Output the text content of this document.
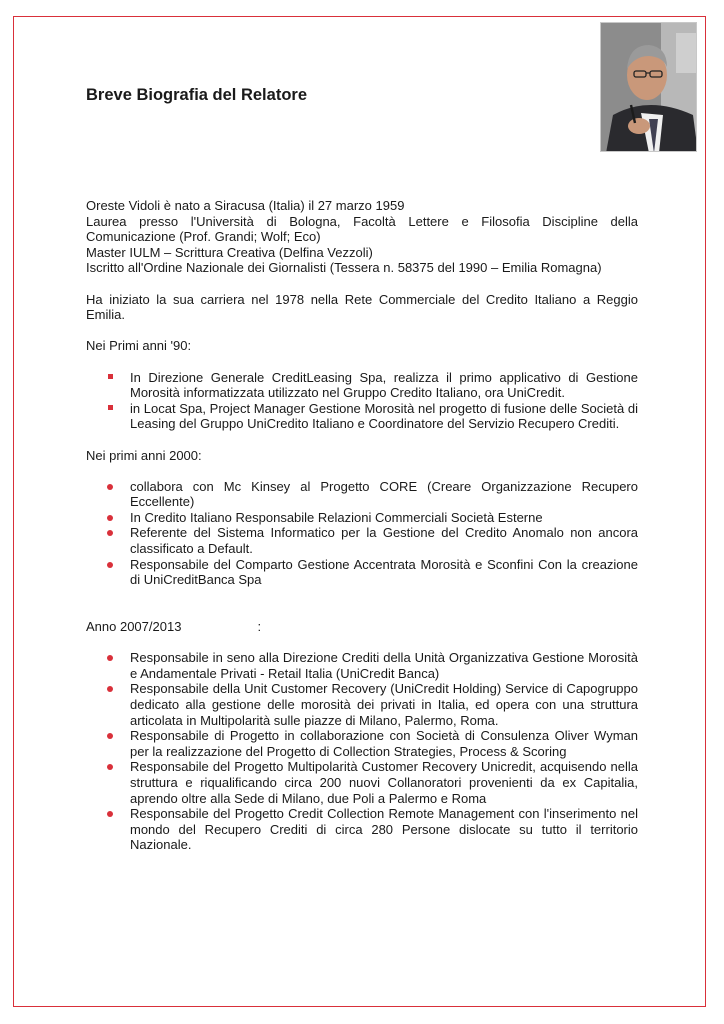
Breve Biografia del Relatore

Oreste Vidoli è nato a Siracusa (Italia) il 27 marzo 1959

Laurea presso l'Università di Bologna, Facoltà Lettere e Filosofia Discipline della Comunicazione (Prof. Grandi; Wolf; Eco)

Master IULM – Scrittura Creativa (Delfina Vezzoli)

Iscritto all'Ordine Nazionale dei Giornalisti (Tessera n. 58375 del 1990 – Emilia Romagna)

Ha iniziato la sua carriera nel 1978 nella Rete Commerciale del Credito Italiano a Reggio Emilia.

Nei Primi anni '90:

In Direzione Generale CreditLeasing Spa, realizza il primo applicativo di Gestione Morosità informatizzata utilizzato nel Gruppo Credito Italiano, ora UniCredit.
in Locat Spa, Project Manager Gestione Morosità nel progetto di fusione delle Società di Leasing del Gruppo UniCredito Italiano e Coordinatore del Servizio Recupero Crediti.

Nei primi anni 2000:

collabora con Mc Kinsey al Progetto CORE (Creare Organizzazione Recupero Eccellente)
In Credito Italiano Responsabile Relazioni Commerciali Società Esterne
Referente del Sistema Informatico per la Gestione del Credito Anomalo non ancora classificato a Default.
Responsabile del Comparto Gestione Accentrata Morosità e Sconfini Con la creazione di UniCreditBanca Spa
Anno 2007/2013	:
Responsabile in seno alla Direzione Crediti della Unità Organizzativa Gestione Morosità e Andamentale Privati - Retail Italia (UniCredit Banca)
Responsabile della Unit Customer Recovery (UniCredit Holding) Service di Capogruppo dedicato alla gestione delle morosità dei privati in Italia, ed opera con una struttura articolata in Multipolarità sulle piazze di Milano, Palermo, Roma.
Responsabile di Progetto in collaborazione con Società di Consulenza Oliver Wyman per la realizzazione del Progetto di Collection Strategies, Process & Scoring
Responsabile del Progetto Multipolarità Customer Recovery Unicredit, acquisendo nella struttura e riqualificando circa 200 nuovi Collanoratori provenienti da ex Capitalia, aprendo oltre alla Sede di Milano, due Poli a Palermo e Roma
Responsabile del Progetto Credit Collection Remote Management con l'inserimento nel mondo del Recupero Crediti di circa 280 Persone dislocate su tutto il territorio Nazionale.
